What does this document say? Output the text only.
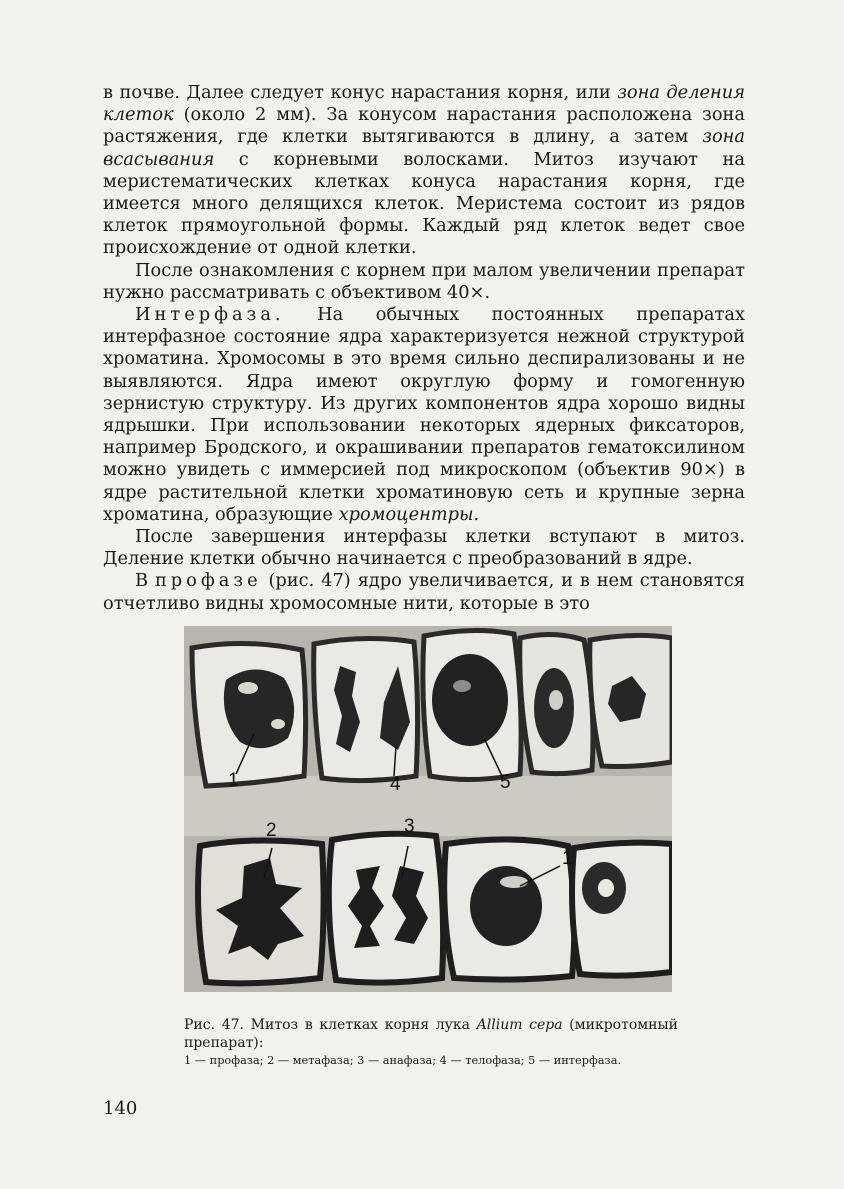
в почве. Далее следует конус нарастания корня, или зона деления клеток (около 2 мм). За конусом нарастания расположена зона растяжения, где клетки вытягиваются в длину, а затем зона всасывания с корневыми волосками. Митоз изучают на меристематических клетках конуса нарастания корня, где имеется много делящихся клеток. Меристема состоит из рядов клеток прямоугольной формы. Каждый ряд клеток ведет свое происхождение от одной клетки.

После ознакомления с корнем при малом увеличении препарат нужно рассматривать с объективом 40×.

Интерфаза. На обычных постоянных препаратах интерфазное состояние ядра характеризуется нежной структурой хроматина. Хромосомы в это время сильно деспирализованы и не выявляются. Ядра имеют округлую форму и гомогенную зернистую структуру. Из других компонентов ядра хорошо видны ядрышки. При использовании некоторых ядерных фиксаторов, например Бродского, и окрашивании препаратов гематоксилином можно увидеть с иммерсией под микроскопом (объектив 90×) в ядре растительной клетки хроматиновую сеть и крупные зерна хроматина, образующие хромоцентры.

После завершения интерфазы клетки вступают в митоз. Деление клетки обычно начинается с преобразований в ядре.

В профазе (рис. 47) ядро увеличивается, и в нем становятся отчетливо видны хромосомные нити, которые в это

1	4	5
2	3
1

Рис. 47. Митоз в клетках корня лука Allium cepa (микротомный препарат):

1 — профаза; 2 — метафаза; 3 — анафаза; 4 — телофаза; 5 — интерфаза.

140
